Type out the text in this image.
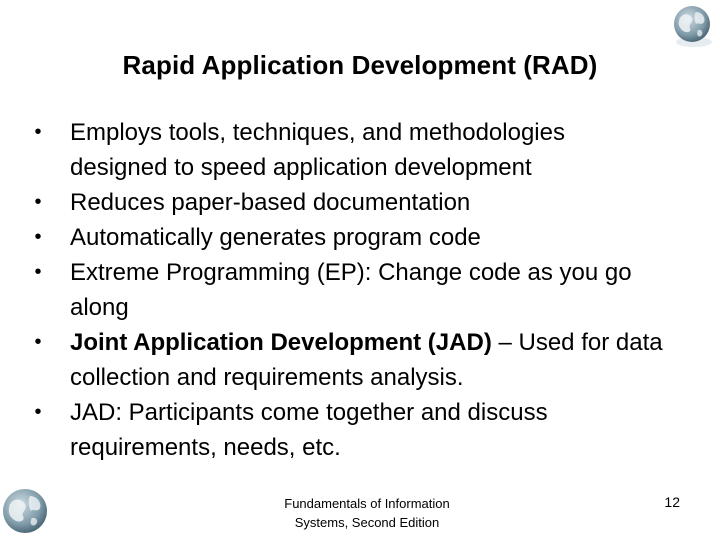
Rapid Application Development (RAD)
• Employs tools, techniques, and methodologies designed to speed application development
• Reduces paper-based documentation
• Automatically generates program code
• Extreme Programming (EP): Change code as you go along
• Joint Application Development (JAD) – Used for data collection and requirements analysis.
• JAD: Participants come together and discuss requirements, needs, etc.
Fundamentals of Information
Systems, Second Edition
12
